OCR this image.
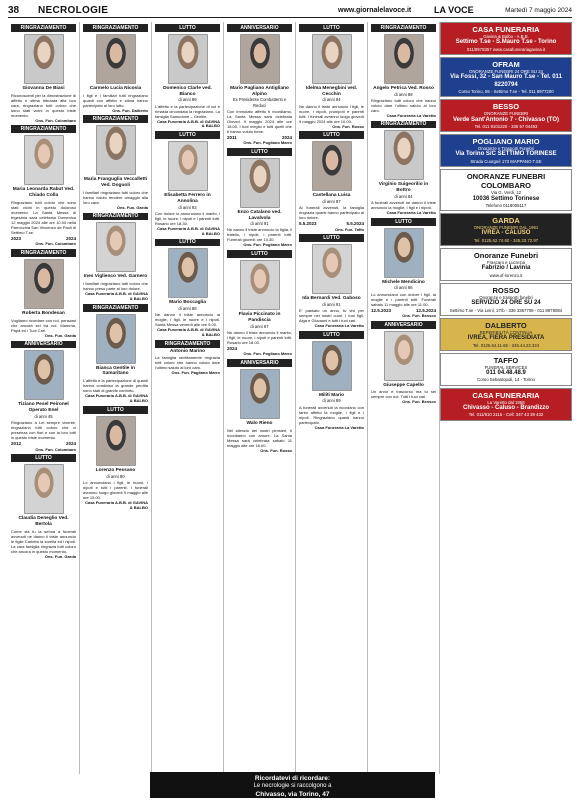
38 NECROLOGIE	www.giornalelavoce.it	LA VOCE	Martedì 7 maggio 2024
RINGRAZIAMENTO
Giovanna De Biasi
Riconoscenti per la dimostrazione di affetto e stima tributata alla loro cara, ringraziano tutti coloro che sono stati vicini in questo triste momento.
Ons. Fun. Colombaro
RINGRAZIAMENTO
Maria Leonarda Rabut Ved. Chiado Colla
Ringraziano tutti coloro che sono stati vicini in questo doloroso momento. La Santa Messa di trigesima sarà celebrata Domenica 12 maggio 2024 alle ore 10.00 nella Parrocchia San Vincenzo de Paoli di Settimo T.se.
2023	2024
Ons. Fun. Colombaro
RINGRAZIAMENTO
Roberta Bondesan
Vogliamo ricordare con noi, pensarsi che ancora sei tra noi. Mamma, Papà ed i Tuoi Cari.
Ons. Fun. Garda
ANNIVERSARIO
Tiziano Pesel Peironel Operato Enel
di anni 45
Ringraziano a Lei sempre vivente, ringraziano tutti coloro che ci presenza con fiori e con la loro tutti in questo triste momento.
2012	2024
Ons. Fun. Colombaro
LUTTO
Claudia Deneglio Ved. Bertola
Come sia fu la sehna a funerali avvenuti ne danno il triste annuncio le figlie Carlotta la sorella ed i nipoti. La cara famiglia ringrazia tutti coloro che ancora in questo momento.
Ons. Fun. Garda
RINGRAZIAMENTO
Carmelo Lucia Nicosia
I figli e i familiari tutti ringraziano quanti con affetto e stima hanno partecipato al loro lutto.
Ons. Fun. Dalberto
RINGRAZIAMENTO
Maria Franguglia Veccalletti Ved. Doguoli
I familiari ringraziano tutti coloro che hanno voluto rendere omaggio alla loro cara.
Ons. Fun. Garda
RINGRAZIAMENTO
Ines Viglienco Ved. Garnero
I familiari ringraziano tutti coloro che hanno preso parte al loro dolore.
Casa Funeraria A.B.B. di GAVINA & BALBO
RINGRAZIAMENTO
Bianca Gentile in Samaritano
L'affetto e la partecipazione di quanti hanno condiviso la grande perdita sono stati di grande conforto.
Casa Funeraria A.B.B. di GAVINA & BALBO
LUTTO
Lorenzo Pessano
di anni 80
Lo annunciano i figli, le nuore, i nipoti e tutti i parenti. I funerali avranno luogo giovedì 9 maggio alle ore 15.00.
Casa Funeraria A.B.B. di GAVINA & BALBO
LUTTO
Domenico Clarle ved. Bianco
di anni 89
L'affetto e la partecipazione di cui è rimasta circondata la ringraziano. La famiglia Samudone – Gentile.
Casa Funeraria A.B.B. di GAVINA & BALBO
LUTTO
Elisabetta Ferrero in Annolina
di anni 93
Con dolore lo annunciano il marito, i figli, le nuore, i nipoti e i parenti tutti. Rosario ore 18.30.
Casa Funeraria A.B.B. di GAVINA & BALBO
LUTTO
Mario Boccaglia
di anni 88
Ne danno il triste annuncio la moglie, i figli, le nuore e i nipoti. Santa Messa venerdì alle ore 9.00.
Casa Funeraria A.B.B. di GAVINA & BALBO
RINGRAZIAMENTO
Antonio Marino
La famiglia sentitamente ringrazia tutti coloro che hanno voluto dare l'ultimo saluto al loro caro.
Ons. Fun. Pagliano Marro
ANNIVERSARIO
Mario Pagliano Antigliano Alpino
Ex Presidente Combattenti e Reduci
Con immutato affetto ti ricordiamo. La Santa Messa sarà celebrata Gioved. 9 maggio 2024 alle ore 18.00. I tuoi meglio e tutti quelli che ti hanno voluto bene.
2011	2024
Ons. Fun. Pogliano Marro
LUTTO
Enzo Catalano ved. Lavalvola
di anni 91
Ne danno il triste annuncio la figlia, il fratello, i nipoti, i parenti tutti. Funerali giovedì ore 10.30.
Ons. Fun. Pogliano Marro
LUTTO
Flavia Piccinato in Pandiscia
di anni 67
Ne danno il triste annuncio il marito, i figli, le nuore, i nipoti e parenti tutti. Rosario ore 18.00.
2024
Ons. Fun. Pogliano Marro
ANNIVERSARIO
Walo Rieno
Nel silenzio dei nostri pensieri, ti ricordiamo con amore. La Santa Messa sarà celebrata sabato 11 maggio alle ore 18.00.
Ons. Fun. Rosso
LUTTO
Idelma Menegbini ved. Cecchin
di anni 94
Ne danno il triste annuncio i figli, le nuore, i nipoti, pronipoti e parenti tutti. I funerali avranno luogo giovedì 9 maggio 2024 alle ore 10.00.
Ons. Fun. Rosso
LUTTO
Castellana Luisa
di anni 87
Ai funerali avvenuti, la famiglia ringrazia quanti hanno partecipato al loro dolore.
5.5.2023	5.5.2024
Ons. Fun. Taffo
LUTTO
Ida Bernardi Ved. Gaboso
di anni 91
E' passato un anno, tu vivi per sempre nei nostri cuori. I tuoi figli, Alga e Giovanni e tutti i tuoi cari.
Casa Funeraria La Varetto
LUTTO
Militi Mario
di anni 89
A funerali avvenuti la ricordano con tanto affetto la moglie, i figli e i nipoti. Ringraziano quanti hanno partecipato.
Casa Funeraria La Varetto
RINGRAZIAMENTO
Angelo Petrica Ved. Rosso
di anni 88
Ringraziano tutti coloro che hanno voluto dare l'ultimo saluto al loro caro.
Casa Funeraria La Varetto
RINGRAZIAMENTO
Virginio Suigeorilio in Bottro
di anni 84
A funerali avvenuti ne danno il triste annuncio la moglie, i figli e i nipoti.
Casa Funeraria La Varetto
LUTTO
Michele Mendicino
di anni 66
Lo annunciano con dolore i figli, la moglie e i parenti tutti. Funerali sabato 11 maggio alle ore 11.00.
12.5.2023	12.5.2024
Ons. Fun. Bessco
ANNIVERSARIO
Giuseppe Capello
Un anno è trascorso ma tu sei sempre con noi. Tutti i tuoi cari.
Ons. Fun. Bessco
CASA FUNERARIA
Gavina & Balbo - A.B.B.
Settimo T.se - S.Mauro T.se - Torino
011/8978357 www.casafunerariagavina.it
OFRAM
ONORANZE FUNEBRI 24 ORE SU 24
Via Fossi, 32 - San Mauro T.se - Tel. 011 8220794
Corso Torino, 55 - Settimo T.se - Tel. 011 8977200
BESSO
ONORANZE FUNEBRI
Verde Sant'Antonio 7 - Chivasso (TO)
Tel. 011 9101220 - 335 57 04493
POGLIANO MARIO
Onoranze e Trasporti Funebri
Via Torino S/C SETTIMO TORINESE
Strada Cuorgnè 173 MAPPANO T.SE
ONORANZE FUNEBRI COLOMBARO
Via G. Verdi, 12
10036 Settimo Torinese
Telefono 0118005117
GARDA
ONORANZE FUNEBRI DAL 1951
IVREA - CALUSO
Tel. 0125.62.74.60 - 345.33.72.97
Onoranze Funebri
Frascaro e Lucrezia
Fabrizio / Lavinia
www.of-lorenzo.it
ROSSO
Onoranze e trasporti funebri
SERVIZIO 24 ORE SU 24
Settimo T.se - Via Leinì, 27/b - 339 3367709 - 011 8978084
DALBERTO
REPERIBILITÀ CONTINUA
IVREA, FIERA PRESIDIATA
Tel. 0125.64.11.65 - 345.44.22.324
TAFFO
FUNERAL SERVICES
011 04.48.48.9
Corso Sebastopoli, 14 - Torino
CASA FUNERARIA
La Varetto dal 1968
Chivasso - Caluso - Brandizzo
Tel. 011/910 2115 - Cell: 347 43 39 432
Ricordatevi di ricordare:
Le necrologie si raccolgono a
Chivasso, via Torino, 47
